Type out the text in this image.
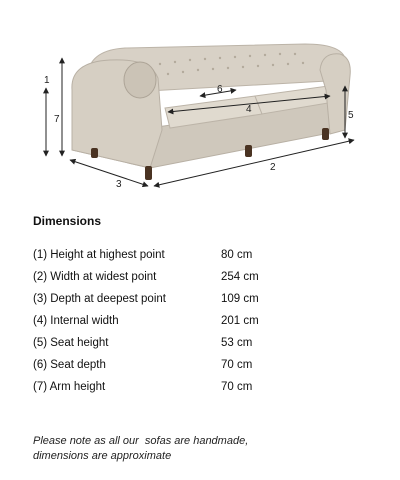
1
7
6
4
5
3
2
Dimensions
(1) Height at highest point	80 cm
(2) Width at widest point	254 cm
(3) Depth at deepest point	109 cm
(4) Internal width	201 cm
(5) Seat height	53 cm
(6) Seat depth	70 cm
(7) Arm height	70 cm
Please note as all our  sofas are handmade,
dimensions are approximate
